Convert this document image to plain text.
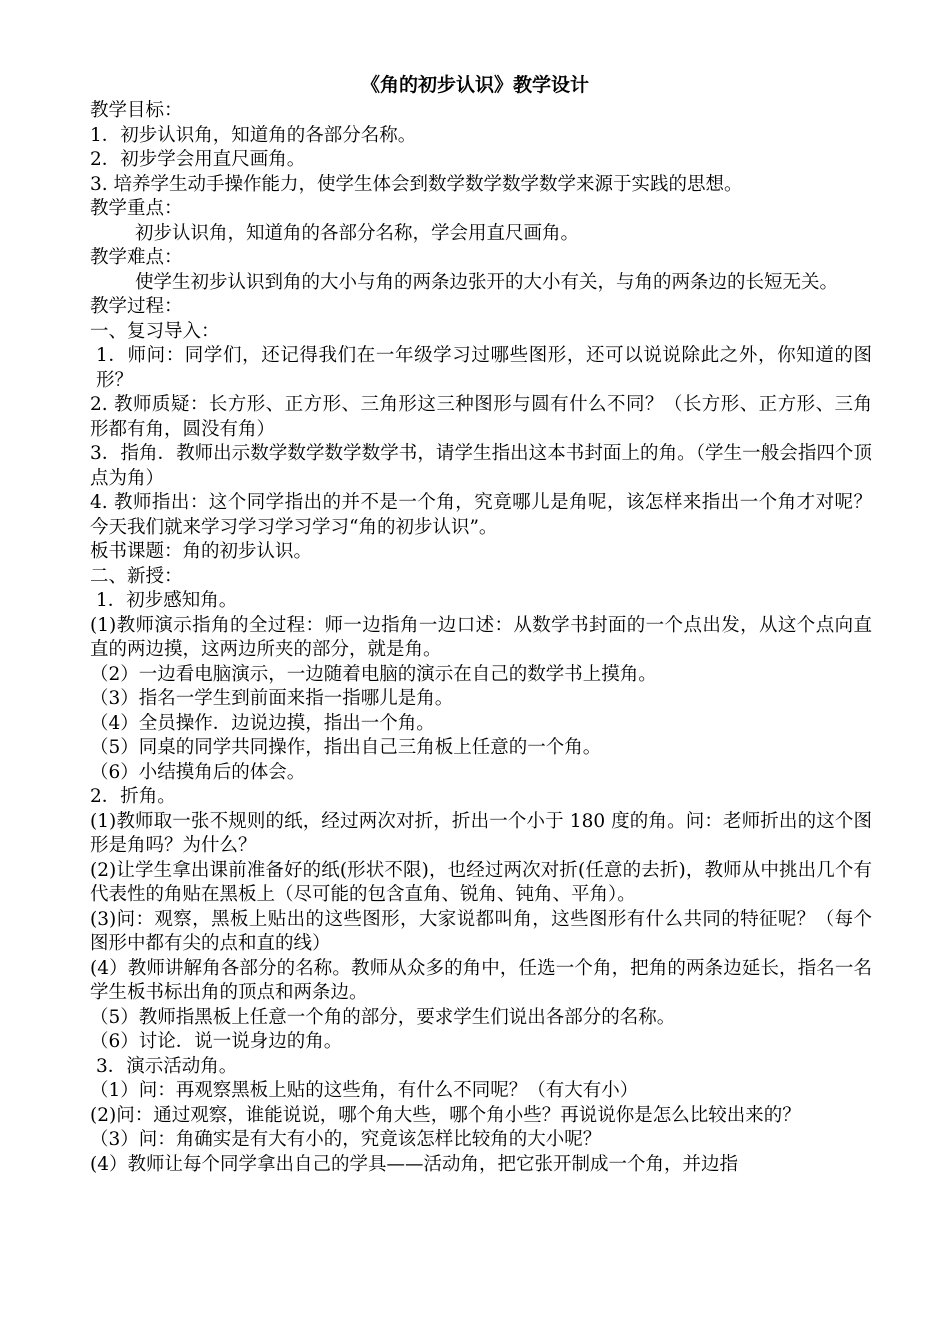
《角的初步认识》教学设计

教学目标：

1．初步认识角，知道角的各部分名称。

2．初步学会用直尺画角。

3. 培养学生动手操作能力，使学生体会到数学数学数学数学来源于实践的思想。

教学重点：

初步认识角，知道角的各部分名称，学会用直尺画角。

教学难点：

使学生初步认识到角的大小与角的两条边张开的大小有关，与角的两条边的长短无关。

教学过程：

一、复习导入：

1．师问：同学们，还记得我们在一年级学习过哪些图形，还可以说说除此之外，你知道的图形？

2. 教师质疑：长方形、正方形、三角形这三种图形与圆有什么不同？（长方形、正方形、三角形都有角，圆没有角）

3．指角．教师出示数学数学数学数学书，请学生指出这本书封面上的角。（学生一般会指四个顶点为角）

4. 教师指出：这个同学指出的并不是一个角，究竟哪儿是角呢，该怎样来指出一个角才对呢？今天我们就来学习学习学习学习“角的初步认识”。

板书课题：角的初步认识。

二、新授：

1．初步感知角。

(1)教师演示指角的全过程：师一边指角一边口述：从数学书封面的一个点出发，从这个点向直直的两边摸，这两边所夹的部分，就是角。

（2）一边看电脑演示，一边随着电脑的演示在自己的数学书上摸角。

（3）指名一学生到前面来指一指哪儿是角。

（4）全员操作．边说边摸，指出一个角。

（5）同桌的同学共同操作，指出自己三角板上任意的一个角。

（6）小结摸角后的体会。

2．折角。

(1)教师取一张不规则的纸，经过两次对折，折出一个小于 180 度的角。问：老师折出的这个图形是角吗？为什么？

(2)让学生拿出课前准备好的纸(形状不限)，也经过两次对折(任意的去折)，教师从中挑出几个有代表性的角贴在黑板上（尽可能的包含直角、锐角、钝角、平角）。

(3)问：观察，黑板上贴出的这些图形，大家说都叫角，这些图形有什么共同的特征呢？（每个图形中都有尖的点和直的线）

(4）教师讲解角各部分的名称。教师从众多的角中，任选一个角，把角的两条边延长，指名一名学生板书标出角的顶点和两条边。

（5）教师指黑板上任意一个角的部分，要求学生们说出各部分的名称。

（6）讨论．说一说身边的角。

3．演示活动角。

（1）问：再观察黑板上贴的这些角，有什么不同呢？（有大有小）

(2)问：通过观察，谁能说说，哪个角大些，哪个角小些？再说说你是怎么比较出来的？

（3）问：角确实是有大有小的，究竟该怎样比较角的大小呢？

(4）教师让每个同学拿出自己的学具——活动角，把它张开制成一个角，并边指
